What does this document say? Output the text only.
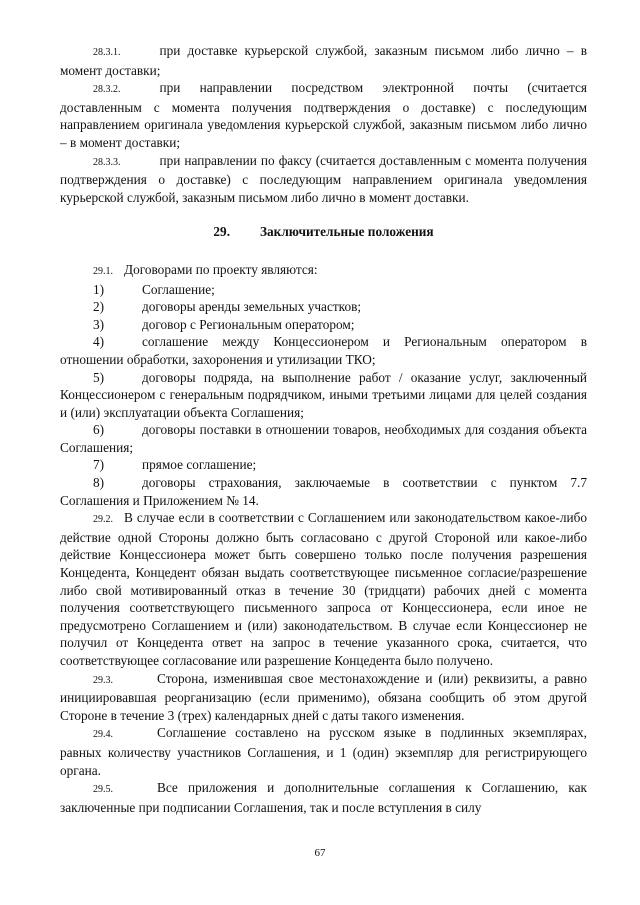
28.3.1.	при доставке курьерской службой, заказным письмом либо лично – в момент доставки;

28.3.2.	при направлении посредством электронной почты (считается доставленным с момента получения подтверждения о доставке) с последующим направлением оригинала уведомления курьерской службой, заказным письмом либо лично – в момент доставки;

28.3.3.	при направлении по факсу (считается доставленным с момента получения подтверждения о доставке) с последующим направлением оригинала уведомления курьерской службой, заказным письмом либо лично в момент доставки.

29. Заключительные положения

29.1. Договорами по проекту являются:

1)	Соглашение;

2)	договоры аренды земельных участков;

3)	договор с Региональным оператором;

4)	соглашение между Концессионером и Региональным оператором в отношении обработки, захоронения и утилизации ТКО;

5)	договоры подряда, на выполнение работ / оказание услуг, заключенный Концессионером с генеральным подрядчиком, иными третьими лицами для целей создания и (или) эксплуатации объекта Соглашения;

6)	договоры поставки в отношении товаров, необходимых для создания объекта Соглашения;

7)	прямое соглашение;

8)	договоры страхования, заключаемые в соответствии с пунктом 7.7 Соглашения и Приложением № 14.

29.2. В случае если в соответствии с Соглашением или законодательством какое-либо действие одной Стороны должно быть согласовано с другой Стороной или какое-либо действие Концессионера может быть совершено только после получения разрешения Концедента, Концедент обязан выдать соответствующее письменное согласие/разрешение либо свой мотивированный отказ в течение 30 (тридцати) рабочих дней с момента получения соответствующего письменного запроса от Концессионера, если иное не предусмотрено Соглашением и (или) законодательством. В случае если Концессионер не получил от Концедента ответ на запрос в течение указанного срока, считается, что соответствующее согласование или разрешение Концедента было получено.

29.3.	Сторона, изменившая свое местонахождение и (или) реквизиты, а равно инициировавшая реорганизацию (если применимо), обязана сообщить об этом другой Стороне в течение 3 (трех) календарных дней с даты такого изменения.

29.4.	Соглашение составлено на русском языке в подлинных экземплярах, равных количеству участников Соглашения, и 1 (один) экземпляр для регистрирующего органа.

29.5.	Все приложения и дополнительные соглашения к Соглашению, как заключенные при подписании Соглашения, так и после вступления в силу

67
